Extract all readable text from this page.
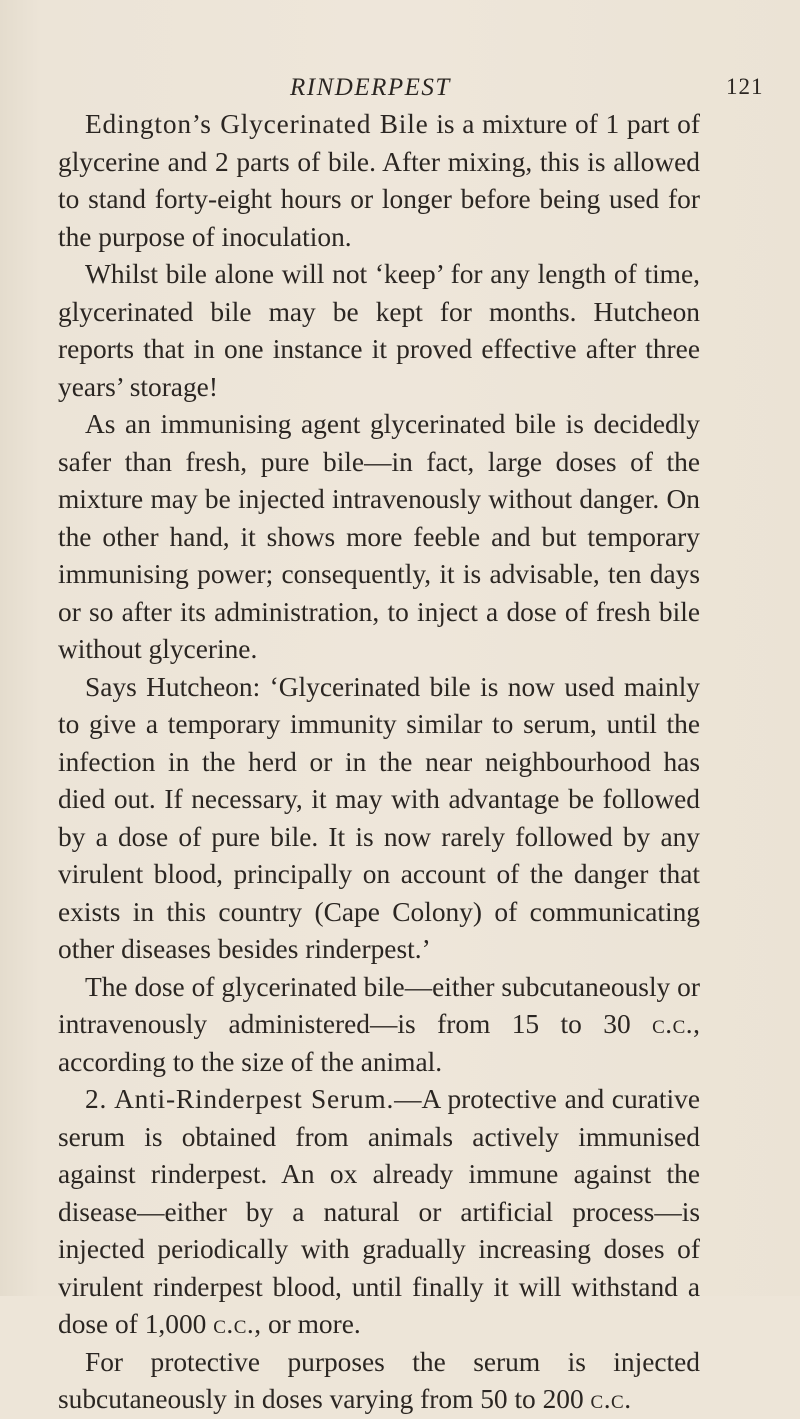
RINDERPEST	121

Edington’s Glycerinated Bile is a mixture of 1 part of glycerine and 2 parts of bile. After mixing, this is allowed to stand forty-eight hours or longer before being used for the purpose of inoculation.

Whilst bile alone will not ‘keep’ for any length of time, glycerinated bile may be kept for months. Hutcheon reports that in one instance it proved effective after three years’ storage!

As an immunising agent glycerinated bile is decidedly safer than fresh, pure bile—in fact, large doses of the mixture may be injected intravenously without danger. On the other hand, it shows more feeble and but temporary immunising power; consequently, it is advisable, ten days or so after its administration, to inject a dose of fresh bile without glycerine.

Says Hutcheon: ‘Glycerinated bile is now used mainly to give a temporary immunity similar to serum, until the infection in the herd or in the near neighbourhood has died out. If necessary, it may with advantage be followed by a dose of pure bile. It is now rarely followed by any virulent blood, principally on account of the danger that exists in this country (Cape Colony) of communicating other diseases besides rinderpest.’

The dose of glycerinated bile—either subcutaneously or intravenously administered—is from 15 to 30 c.c., according to the size of the animal.

2. Anti-Rinderpest Serum.—A protective and curative serum is obtained from animals actively immunised against rinderpest. An ox already immune against the disease—either by a natural or artificial process—is injected periodically with gradually increasing doses of virulent rinderpest blood, until finally it will withstand a dose of 1,000 c.c., or more.

For protective purposes the serum is injected subcutaneously in doses varying from 50 to 200 c.c.
